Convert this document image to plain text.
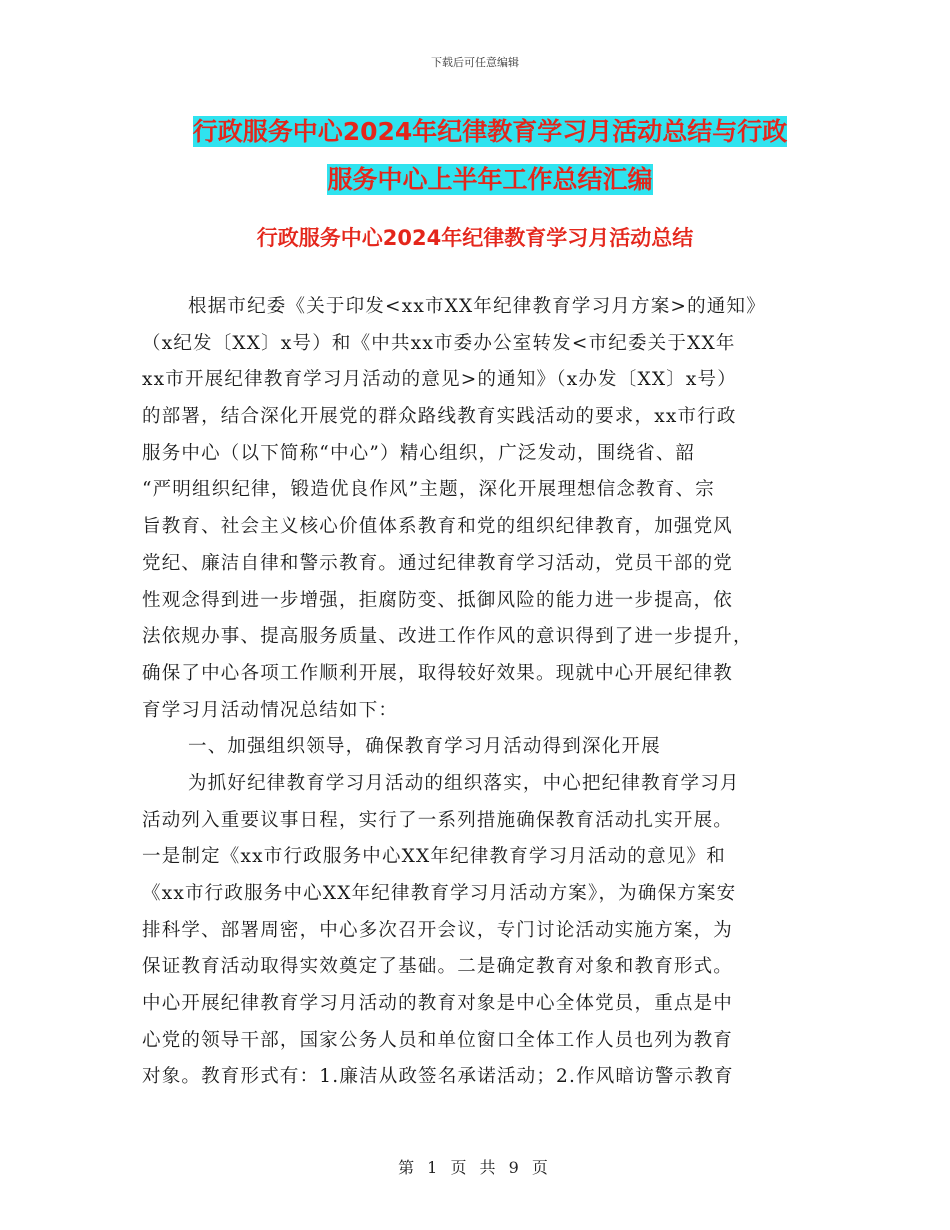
下载后可任意编辑
行政服务中心2024年纪律教育学习月活动总结与行政
服务中心上半年工作总结汇编
行政服务中心2024年纪律教育学习月活动总结
根据市纪委《关于印发<xx市XX年纪律教育学习月方案>的通知》
（x纪发〔XX〕x号）和《中共xx市委办公室转发<市纪委关于XX年
xx市开展纪律教育学习月活动的意见>的通知》（x办发〔XX〕x号）
的部署，结合深化开展党的群众路线教育实践活动的要求，xx市行政
服务中心（以下简称“中心”）精心组织，广泛发动，围绕省、韶
“严明组织纪律，锻造优良作风”主题，深化开展理想信念教育、宗
旨教育、社会主义核心价值体系教育和党的组织纪律教育，加强党风
党纪、廉洁自律和警示教育。通过纪律教育学习活动，党员干部的党
性观念得到进一步增强，拒腐防变、抵御风险的能力进一步提高，依
法依规办事、提高服务质量、改进工作作风的意识得到了进一步提升，
确保了中心各项工作顺利开展，取得较好效果。现就中心开展纪律教
育学习月活动情况总结如下：
一、加强组织领导，确保教育学习月活动得到深化开展
为抓好纪律教育学习月活动的组织落实，中心把纪律教育学习月
活动列入重要议事日程，实行了一系列措施确保教育活动扎实开展。
一是制定《xx市行政服务中心XX年纪律教育学习月活动的意见》和
《xx市行政服务中心XX年纪律教育学习月活动方案》，为确保方案安
排科学、部署周密，中心多次召开会议，专门讨论活动实施方案，为
保证教育活动取得实效奠定了基础。二是确定教育对象和教育形式。
中心开展纪律教育学习月活动的教育对象是中心全体党员，重点是中
心党的领导干部，国家公务人员和单位窗口全体工作人员也列为教育
对象。教育形式有：1.廉洁从政签名承诺活动；2.作风暗访警示教育
第 1 页 共 9 页
